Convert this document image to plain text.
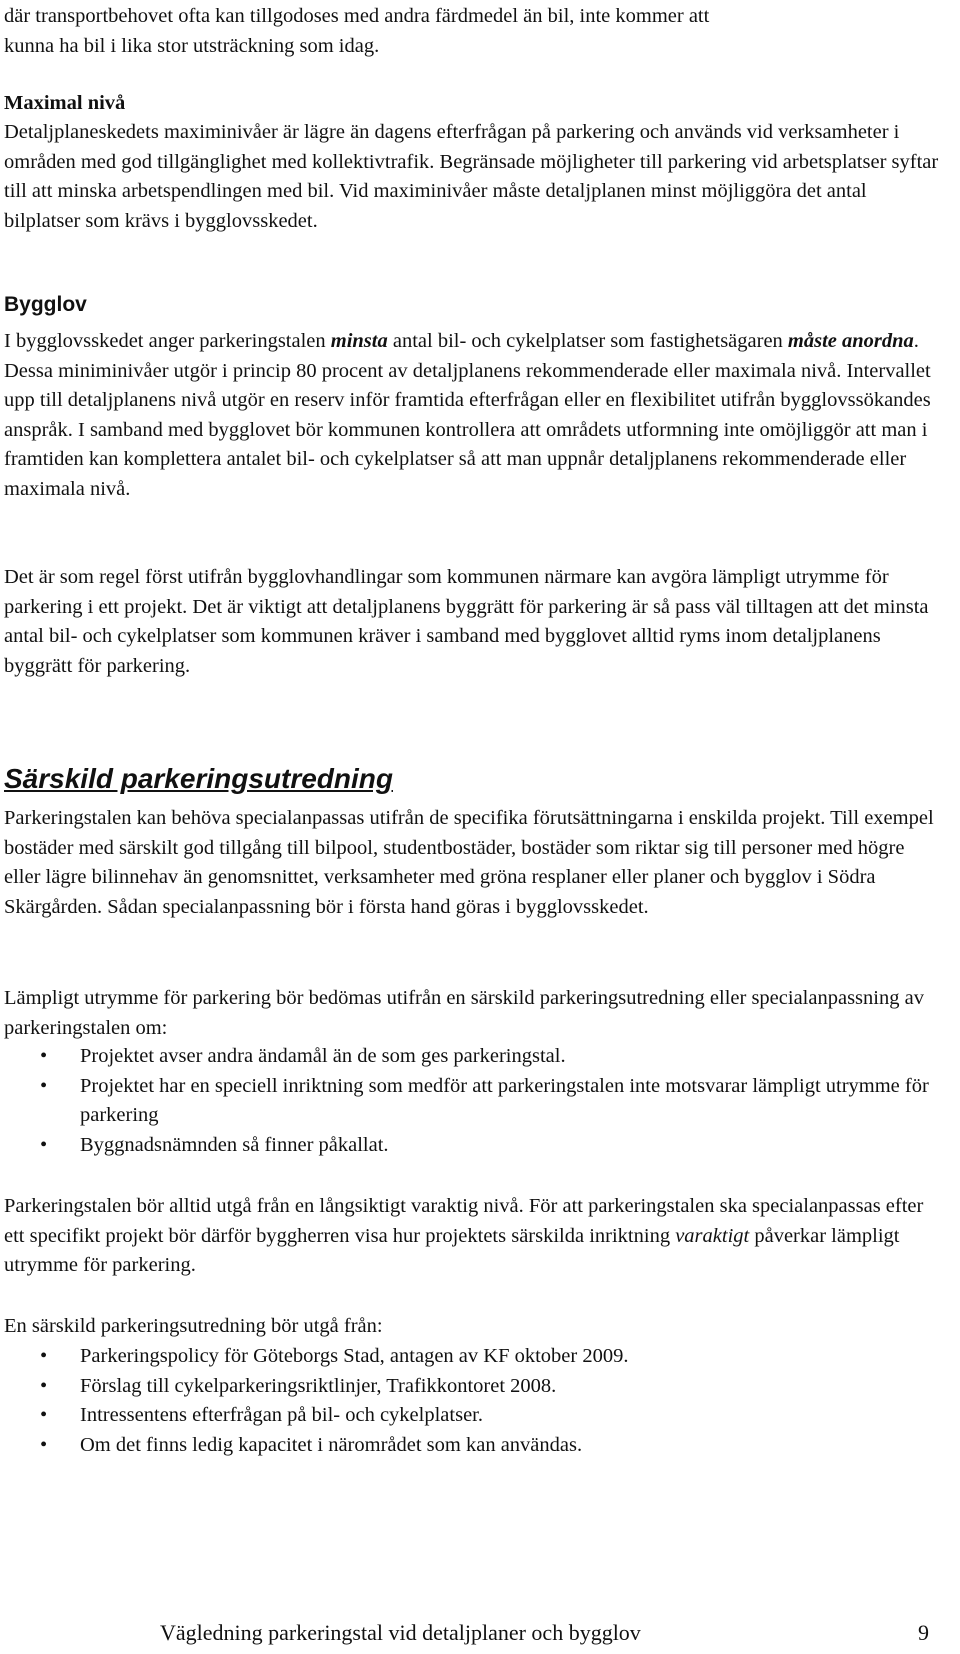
där transportbehovet ofta kan tillgodoses med andra färdmedel än bil, inte kommer att
kunna ha bil i lika stor utsträckning som idag.

Maximal nivå

Detaljplaneskedets maximinivåer är lägre än dagens efterfrågan på parkering och används vid verksamheter i områden med god tillgänglighet med kollektivtrafik. Begränsade möjligheter till parkering vid arbetsplatser syftar till att minska arbetspendlingen med bil. Vid maximinivåer måste detaljplanen minst möjliggöra det antal bilplatser som krävs i bygglovsskedet.

Bygglov

I bygglovsskedet anger parkeringstalen minsta antal bil- och cykelplatser som fastighetsägaren måste anordna. Dessa miniminivåer utgör i princip 80 procent av detaljplanens rekommenderade eller maximala nivå. Intervallet upp till detaljplanens nivå utgör en reserv inför framtida efterfrågan eller en flexibilitet utifrån bygglovssökandes anspråk. I samband med bygglovet bör kommunen kontrollera att områdets utformning inte omöjliggör att man i framtiden kan komplettera antalet bil- och cykelplatser så att man uppnår detaljplanens rekommenderade eller maximala nivå.

Det är som regel först utifrån bygglovhandlingar som kommunen närmare kan avgöra lämpligt utrymme för parkering i ett projekt. Det är viktigt att detaljplanens byggrätt för parkering är så pass väl tilltagen att det minsta antal bil- och cykelplatser som kommunen kräver i samband med bygglovet alltid ryms inom detaljplanens byggrätt för parkering.

Särskild parkeringsutredning

Parkeringstalen kan behöva specialanpassas utifrån de specifika förutsättningarna i enskilda projekt. Till exempel bostäder med särskilt god tillgång till bilpool, studentbostäder, bostäder som riktar sig till personer med högre eller lägre bilinnehav än genomsnittet, verksamheter med gröna resplaner eller planer och bygglov i Södra Skärgården. Sådan specialanpassning bör i första hand göras i bygglovsskedet.

Lämpligt utrymme för parkering bör bedömas utifrån en särskild parkeringsutredning eller specialanpassning av parkeringstalen om:

• Projektet avser andra ändamål än de som ges parkeringstal.
• Projektet har en speciell inriktning som medför att parkeringstalen inte motsvarar lämpligt utrymme för parkering
• Byggnadsnämnden så finner påkallat.

Parkeringstalen bör alltid utgå från en långsiktigt varaktig nivå. För att parkeringstalen ska specialanpassas efter ett specifikt projekt bör därför byggherren visa hur projektets särskilda inriktning varaktigt påverkar lämpligt utrymme för parkering.

En särskild parkeringsutredning bör utgå från:

• Parkeringspolicy för Göteborgs Stad, antagen av KF oktober 2009.
• Förslag till cykelparkeringsriktlinjer, Trafikkontoret 2008.
• Intressentens efterfrågan på bil- och cykelplatser.
• Om det finns ledig kapacitet i närområdet som kan användas.
Vägledning parkeringstal vid detaljplaner och bygglov	9
